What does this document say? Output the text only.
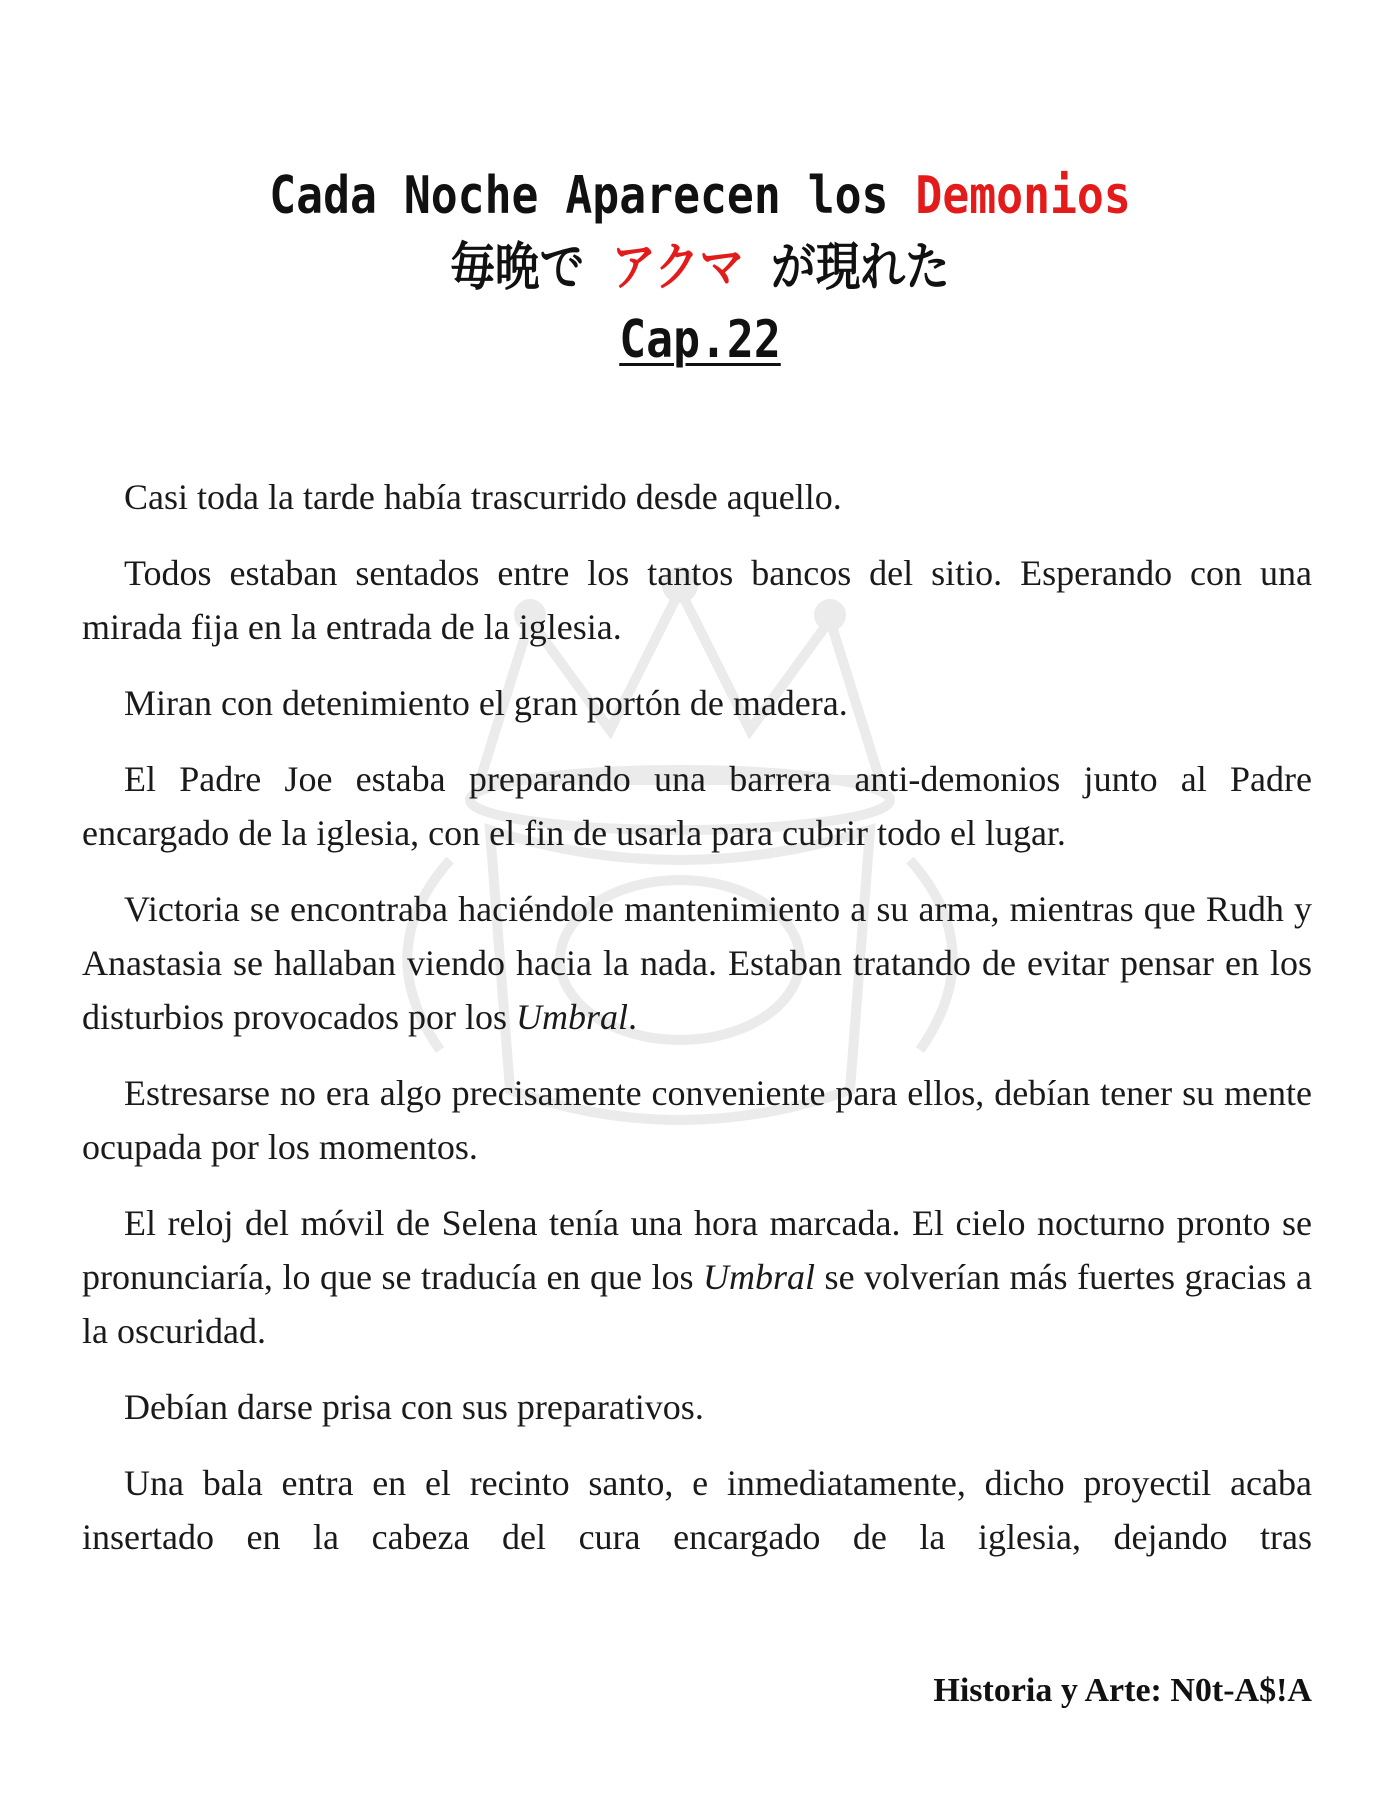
Cada Noche Aparecen los Demonios
毎晩で アクマ が現れた
Cap.22

Casi toda la tarde había trascurrido desde aquello.

Todos estaban sentados entre los tantos bancos del sitio. Esperando con una mirada fija en la entrada de la iglesia.

Miran con detenimiento el gran portón de madera.

El Padre Joe estaba preparando una barrera anti-demonios junto al Padre encargado de la iglesia, con el fin de usarla para cubrir todo el lugar.

Victoria se encontraba haciéndole mantenimiento a su arma, mientras que Rudh y Anastasia se hallaban viendo hacia la nada. Estaban tratando de evitar pensar en los disturbios provocados por los Umbral.

Estresarse no era algo precisamente conveniente para ellos, debían tener su mente ocupada por los momentos.

El reloj del móvil de Selena tenía una hora marcada. El cielo nocturno pronto se pronunciaría, lo que se traducía en que los Umbral se volverían más fuertes gracias a la oscuridad.

Debían darse prisa con sus preparativos.

Una bala entra en el recinto santo, e inmediatamente, dicho proyectil acaba insertado en la cabeza del cura encargado de la iglesia, dejando tras

Historia y Arte: N0t-A$!A
